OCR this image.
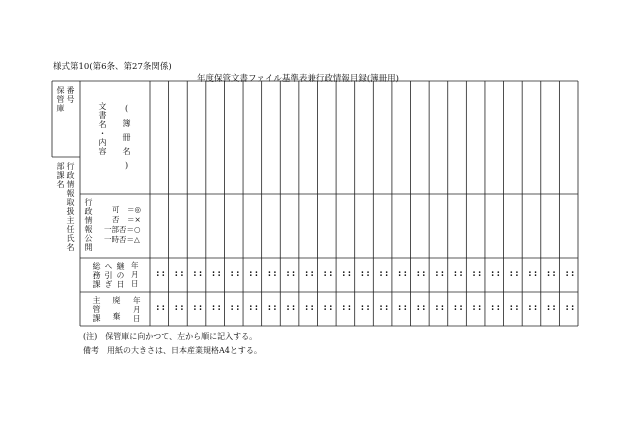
様式第10(第6条、第27条関係)
年度保管文書ファイル基準表兼行政情報目録(簿冊用)
保管庫 番号
部課名 行政情報取扱主任氏名
文書名・内容 (簿冊名)
行政情報公開	可　＝◎
否　＝×
一部否＝○
一時否＝△
総務課 へ引ぎ 継の日 年
月
日
主管課 廃棄 年
月
日
: : : : : : : : : : : : : : : : : : : : : : : : : : : : : : : : : : : : : : : : : : : : : :
: : : : : : : : : : : : : : : : : : : : : : : : : : : : : : : : : : : : : : : : : : : : : :
(注)　保管庫に向かつて、左から順に記入する。
備考　用紙の大きさは、日本産業規格A4とする。
